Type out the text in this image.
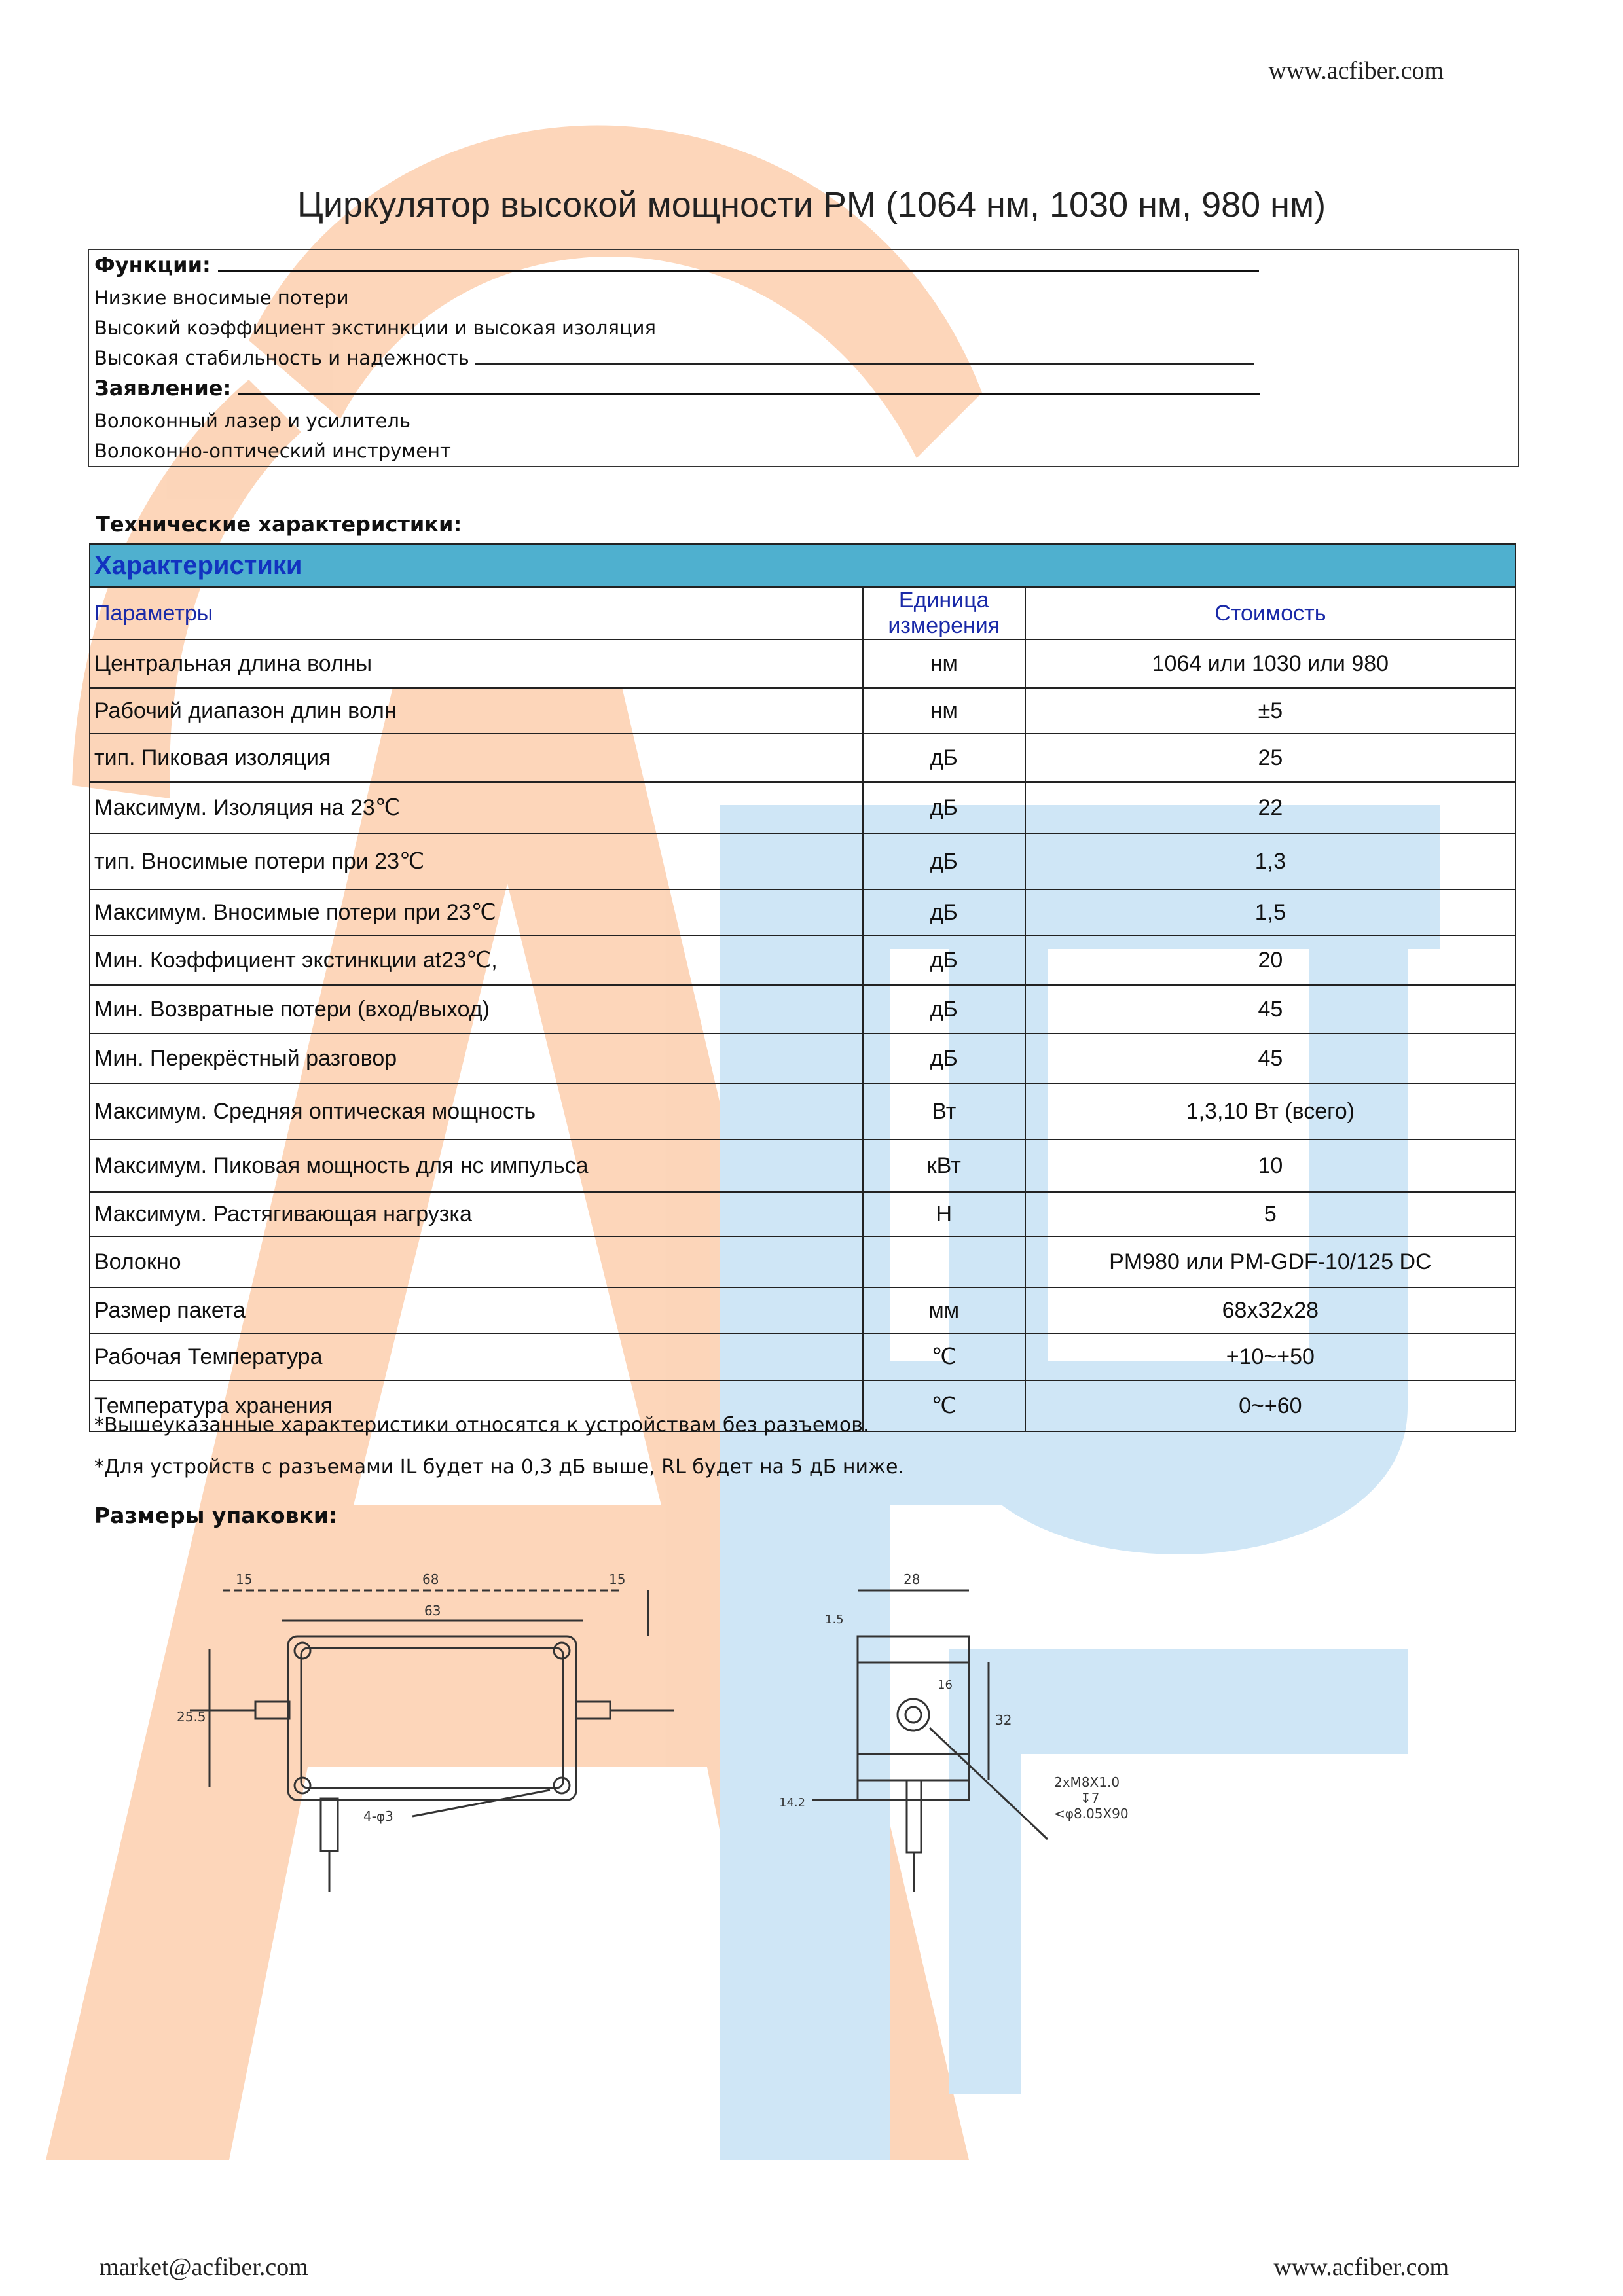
www.acfiber.com
Циркулятор высокой мощности PM (1064 нм, 1030 нм, 980 нм)
Функции:
Низкие вносимые потери
Высокий коэффициент экстинкции и высокая изоляция
Высокая стабильность и надежность
Заявление:
Волоконный лазер и усилитель
Волоконно-оптический инструмент
Технические характеристики:
Характеристики		
Параметры	Единица измерения	Стоимость
Центральная длина волны	нм	1064 или 1030 или 980
Рабочий диапазон длин волн	нм	±5
тип. Пиковая изоляция	дБ	25
Максимум. Изоляция на 23℃	дБ	22
тип. Вносимые потери при 23℃	дБ	1,3
Максимум. Вносимые потери при 23℃	дБ	1,5
Мин. Коэффициент экстинкции at23℃,	дБ	20
Мин. Возвратные потери (вход/выход)	дБ	45
Мин. Перекрёстный разговор	дБ	45
Максимум. Средняя оптическая мощность	Вт	1,3,10 Вт (всего)
Максимум. Пиковая мощность для нс импульса	кВт	10
Максимум. Растягивающая нагрузка	Н	5
Волокно		PM980 или PM-GDF-10/125 DC
Размер пакета	мм	68x32x28
Рабочая Температура	℃	+10~+50
Температура хранения	℃	0~+60
*Вышеуказанные характеристики относятся к устройствам без разъемов.
*Для устройств с разъемами IL будет на 0,3 дБ выше, RL будет на 5 дБ ниже.
Размеры упаковки:
15	68	15
63
25.5
4-φ3
28
1.5
16
32
14.2
2xM8X1.0
↧7
<φ8.05X90
market@acfiber.com	www.acfiber.com
